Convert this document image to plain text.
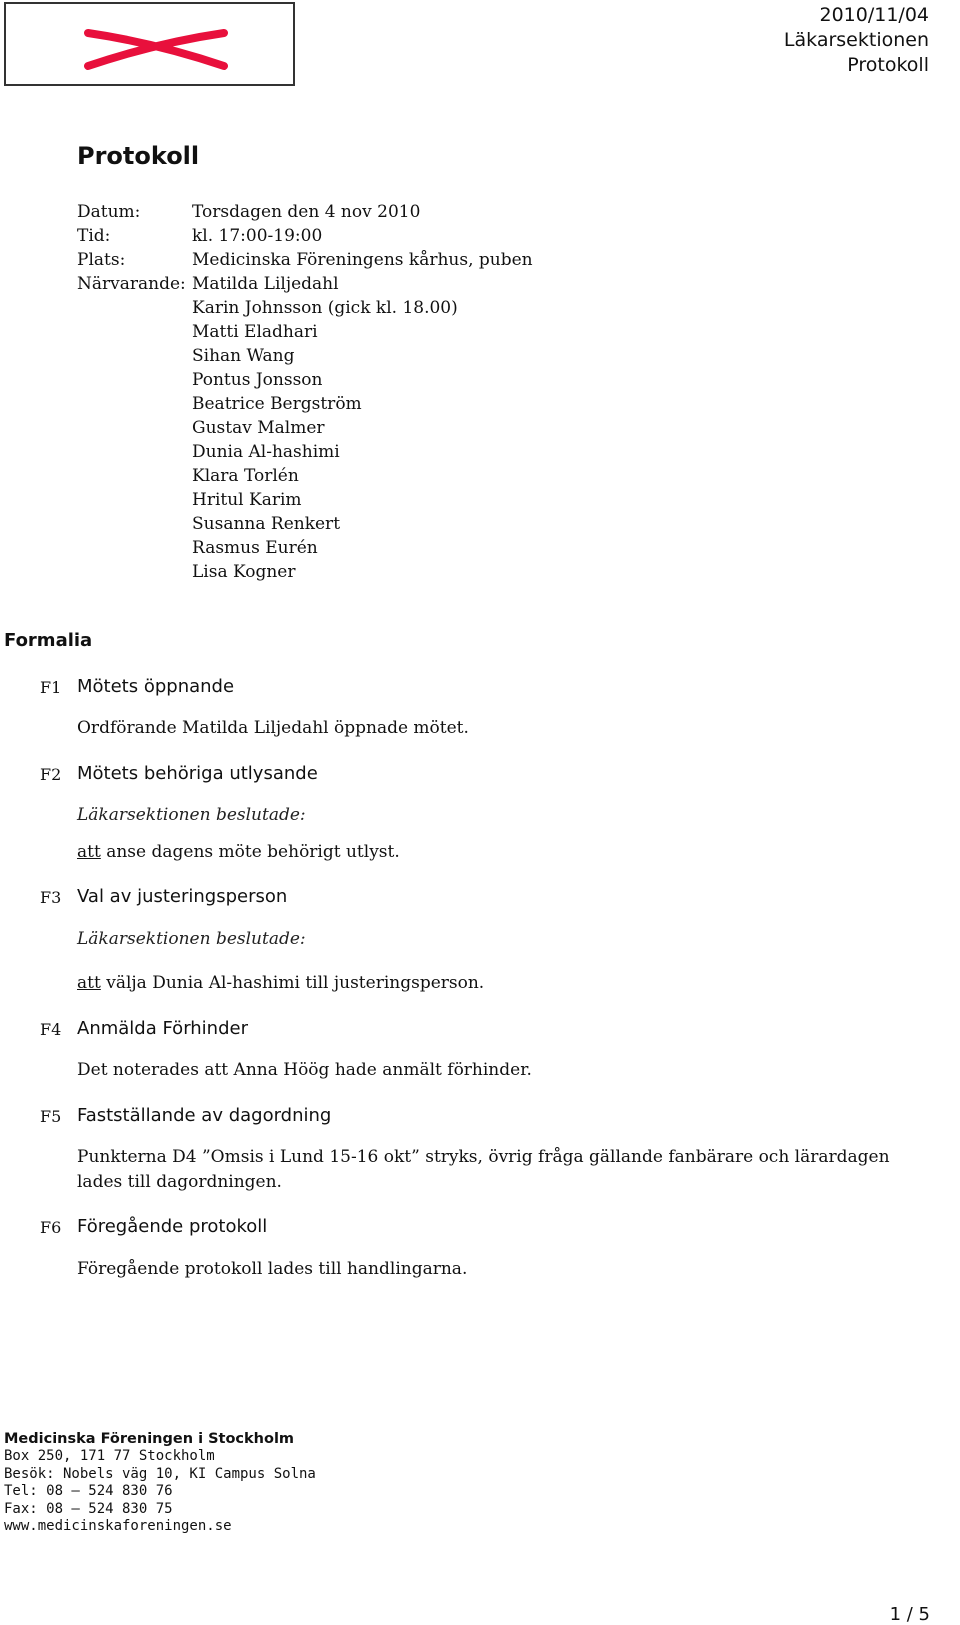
2010/11/04
Läkarsektionen
Protokoll
Protokoll
Datum:	Torsdagen den 4 nov 2010
Tid:	kl. 17:00-19:00
Plats:	Medicinska Föreningens kårhus, puben
Närvarande: Matilda Liljedahl
Karin Johnsson (gick kl. 18.00)
Matti Eladhari
Sihan Wang
Pontus Jonsson
Beatrice Bergström
Gustav Malmer
Dunia Al-hashimi
Klara Torlén
Hritul Karim
Susanna Renkert
Rasmus Eurén
Lisa Kogner
Formalia
F1 Mötets öppnande

Ordförande Matilda Liljedahl öppnade mötet.

F2 Mötets behöriga utlysande

Läkarsektionen beslutade:

att anse dagens möte behörigt utlyst.

F3 Val av justeringsperson

Läkarsektionen beslutade:

att välja Dunia Al-hashimi till justeringsperson.

F4 Anmälda Förhinder

Det noterades att Anna Höög hade anmält förhinder.

F5 Fastställande av dagordning

Punkterna D4 ”Omsis i Lund 15-16 okt” stryks, övrig fråga gällande fanbärare och lärardagen lades till dagordningen.

F6 Föregående protokoll

Föregående protokoll lades till handlingarna.

Medicinska Föreningen i Stockholm
Box 250, 171 77 Stockholm
Besök: Nobels väg 10, KI Campus Solna
Tel: 08 – 524 830 76
Fax: 08 – 524 830 75
www.medicinskaforeningen.se
1 / 5
